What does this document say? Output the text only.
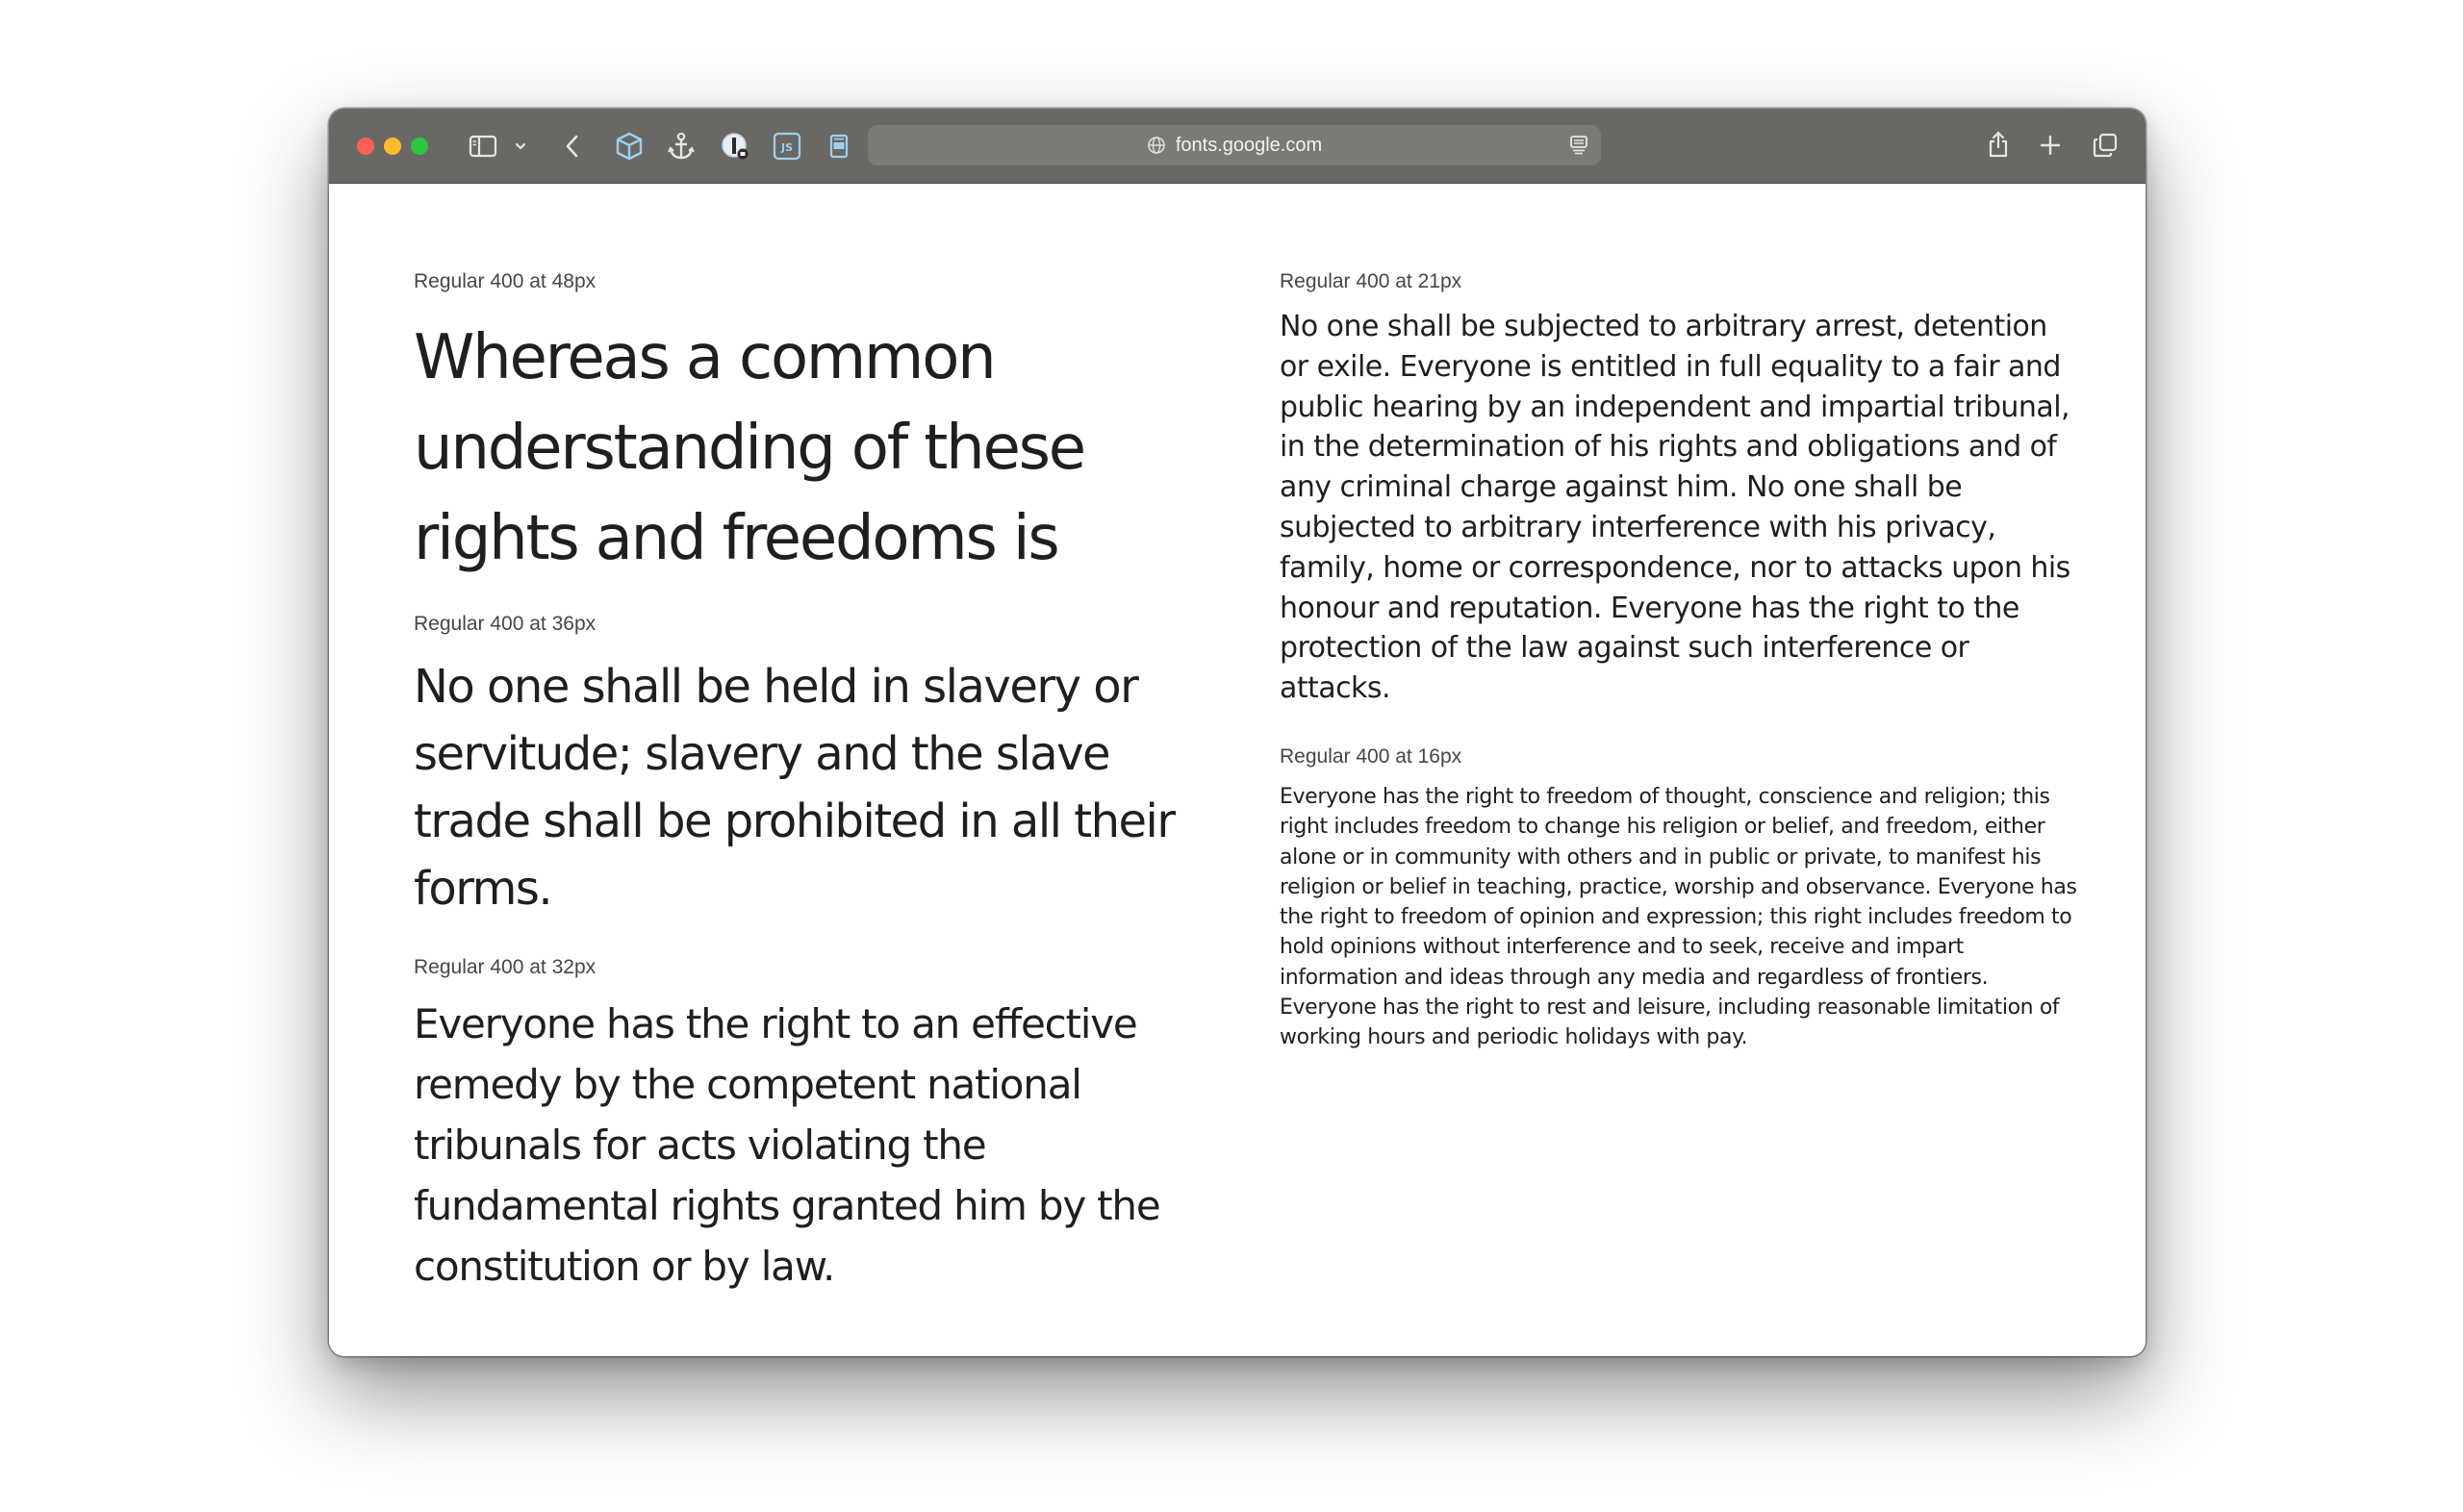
JS	fonts.google.com
Regular 400 at 48px
Whereas a common understanding of these rights and freedoms is
Regular 400 at 36px
No one shall be held in slavery or servitude; slavery and the slave trade shall be prohibited in all their forms.
Regular 400 at 32px
Everyone has the right to an effective remedy by the competent national tribunals for acts violating the fundamental rights granted him by the constitution or by law.
Regular 400 at 21px
No one shall be subjected to arbitrary arrest, detention or exile. Everyone is entitled in full equality to a fair and public hearing by an independent and impartial tribunal, in the determination of his rights and obligations and of any criminal charge against him. No one shall be subjected to arbitrary interference with his privacy, family, home or correspondence, nor to attacks upon his honour and reputation. Everyone has the right to the protection of the law against such interference or attacks.
Regular 400 at 16px
Everyone has the right to freedom of thought, conscience and religion; this right includes freedom to change his religion or belief, and freedom, either alone or in community with others and in public or private, to manifest his religion or belief in teaching, practice, worship and observance. Everyone has the right to freedom of opinion and expression; this right includes freedom to hold opinions without interference and to seek, receive and impart information and ideas through any media and regardless of frontiers. Everyone has the right to rest and leisure, including reasonable limitation of working hours and periodic holidays with pay.
